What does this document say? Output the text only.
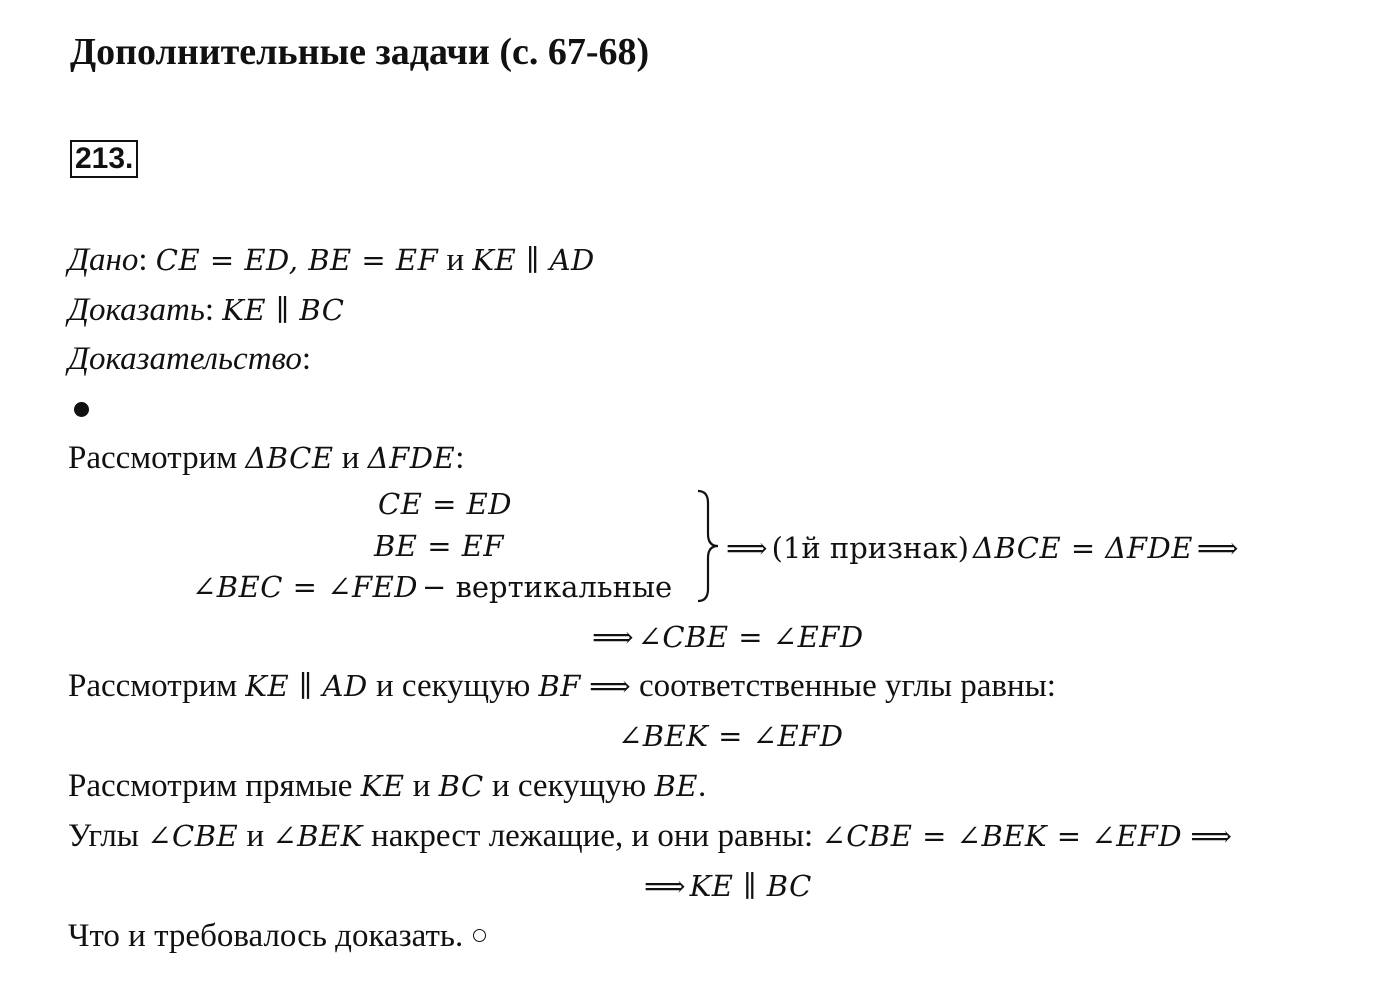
Дополнительные задачи (с. 67-68)
213.
Дано: CE = ED, BE = EF и KE ∥ AD
Доказать: KE ∥ BC
Доказательство:
Рассмотрим ΔBCE и ΔFDE:
CE = ED
BE = EF
∠BEC = ∠FED − вертикальные
⟹ (1й признак) ΔBCE = ΔFDE ⟹
⟹ ∠CBE = ∠EFD
Рассмотрим KE ∥ AD и секущую BF ⟹ соответственные углы равны:
∠BEK = ∠EFD
Рассмотрим прямые KE и BC и секущую BE.
Углы ∠CBE и ∠BEK накрест лежащие, и они равны: ∠CBE = ∠BEK = ∠EFD ⟹
⟹ KE ∥ BC
Что и требовалось доказать.
